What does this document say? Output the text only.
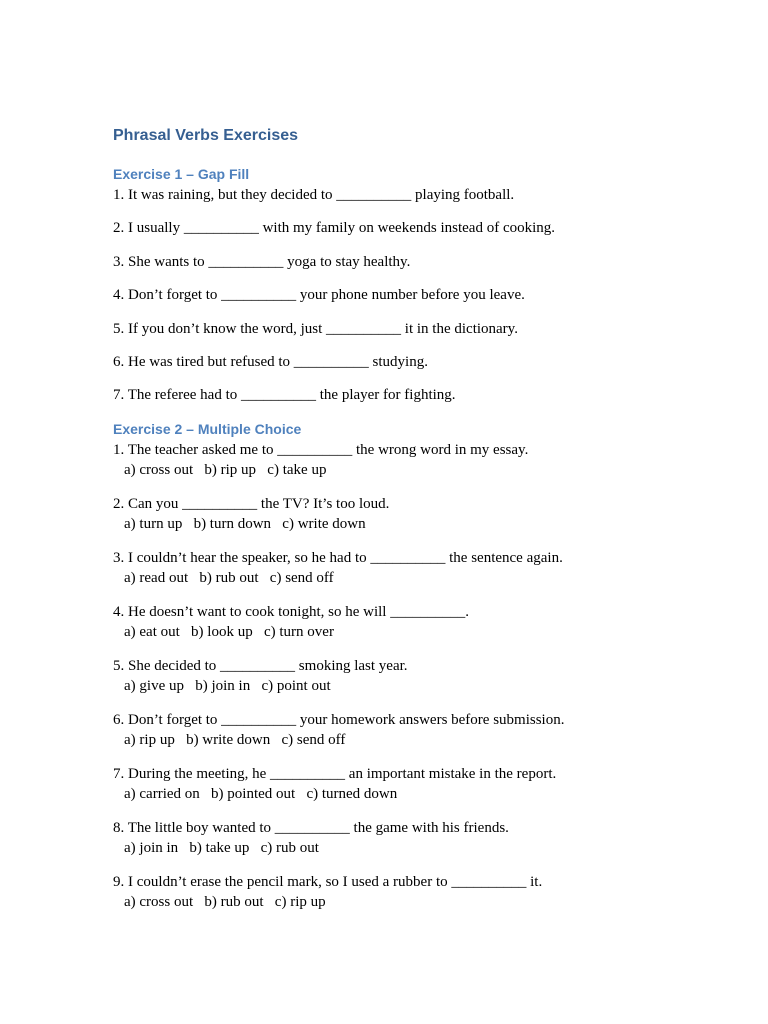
Phrasal Verbs Exercises
Exercise 1 – Gap Fill
1. It was raining, but they decided to __________ playing football.
2. I usually __________ with my family on weekends instead of cooking.
3. She wants to __________ yoga to stay healthy.
4. Don’t forget to __________ your phone number before you leave.
5. If you don’t know the word, just __________ it in the dictionary.
6. He was tired but refused to __________ studying.
7. The referee had to __________ the player for fighting.
Exercise 2 – Multiple Choice
1. The teacher asked me to __________ the wrong word in my essay.
a) cross out   b) rip up   c) take up
2. Can you __________ the TV? It’s too loud.
a) turn up   b) turn down   c) write down
3. I couldn’t hear the speaker, so he had to __________ the sentence again.
a) read out   b) rub out   c) send off
4. He doesn’t want to cook tonight, so he will __________.
a) eat out   b) look up   c) turn over
5. She decided to __________ smoking last year.
a) give up   b) join in   c) point out
6. Don’t forget to __________ your homework answers before submission.
a) rip up   b) write down   c) send off
7. During the meeting, he __________ an important mistake in the report.
a) carried on   b) pointed out   c) turned down
8. The little boy wanted to __________ the game with his friends.
a) join in   b) take up   c) rub out
9. I couldn’t erase the pencil mark, so I used a rubber to __________ it.
a) cross out   b) rub out   c) rip up
